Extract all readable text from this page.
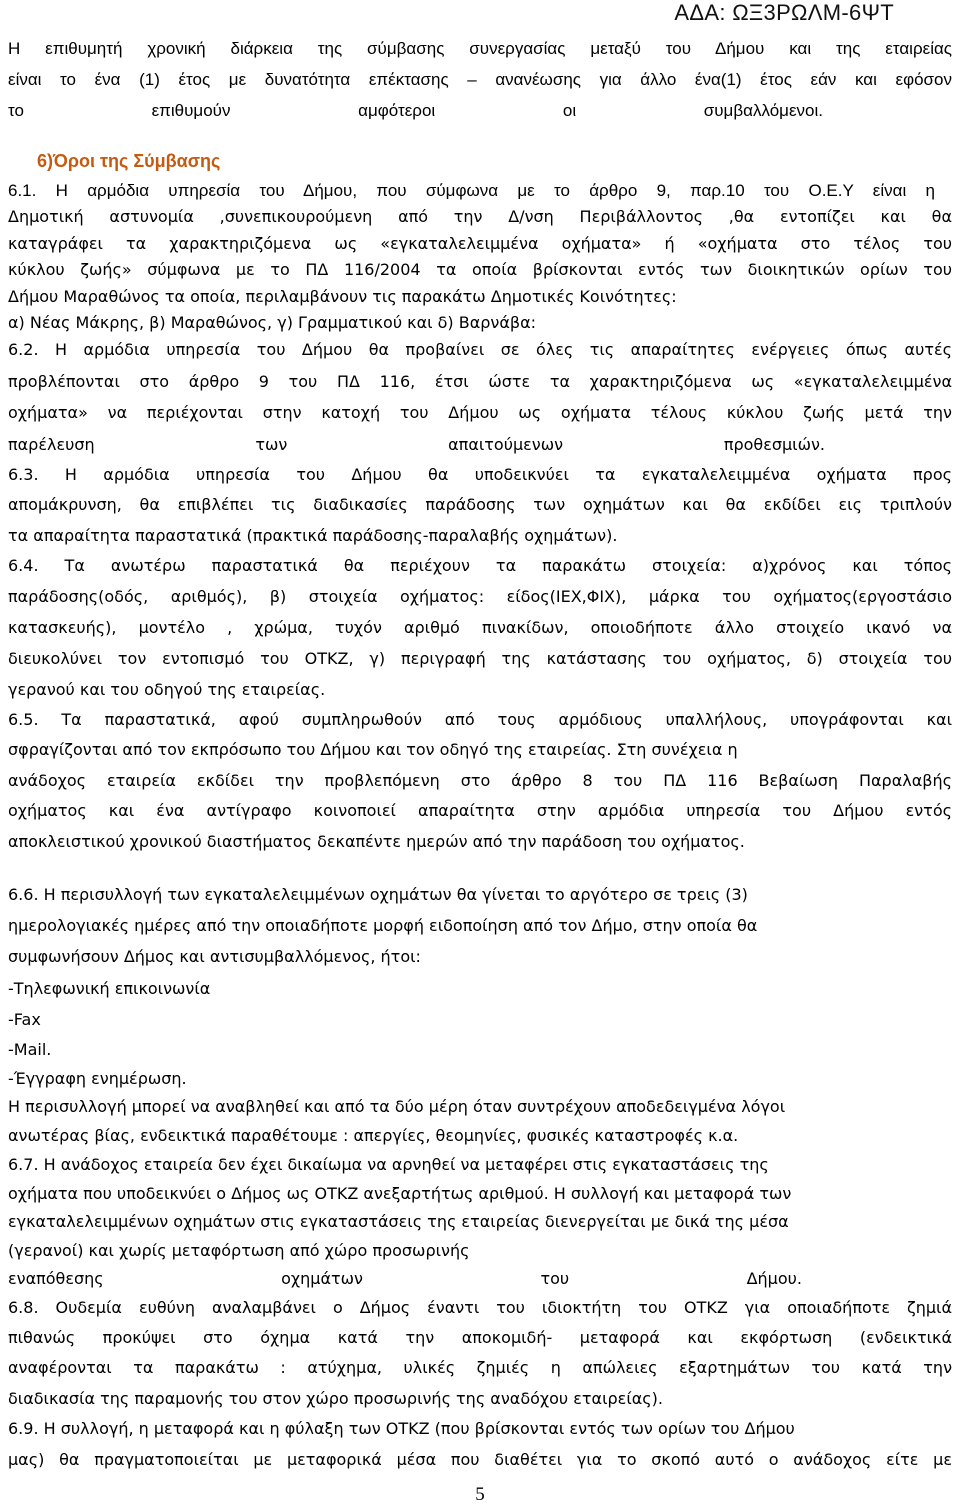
ΑΔΑ: ΩΞ3ΡΩΛΜ-6ΨΤ
Η επιθυμητή χρονική διάρκεια της σύμβασης συνεργασίας μεταξύ του Δήμου και της εταιρείας
είναι το ένα (1) έτος με δυνατότητα επέκτασης – ανανέωσης για άλλο ένα(1) έτος εάν και εφόσον
το επιθυμούν αμφότεροι οι συμβαλλόμενοι.
6)Όροι της Σύμβασης
6.1. Η αρμόδια υπηρεσία του Δήμου, που σύμφωνα με το άρθρο 9, παρ.10 του Ο.Ε.Υ είναι η
Δημοτική αστυνομία ,συνεπικουρούμενη από την Δ/νση Περιβάλλοντος ,θα εντοπίζει και θα
καταγράφει τα χαρακτηριζόμενα ως «εγκαταλελειμμένα οχήματα» ή «οχήματα στο τέλος του
κύκλου ζωής» σύμφωνα με το ΠΔ 116/2004 τα οποία βρίσκονται εντός των διοικητικών ορίων του
Δήμου Μαραθώνος τα οποία, περιλαμβάνουν τις παρακάτω Δημοτικές Κοινότητες:
α) Νέας Μάκρης, β) Μαραθώνος, γ) Γραμματικού και δ) Βαρνάβα:
6.2. Η αρμόδια υπηρεσία του Δήμου θα προβαίνει σε όλες τις απαραίτητες ενέργειες όπως αυτές
προβλέπονται στο άρθρο 9 του ΠΔ 116, έτσι ώστε τα χαρακτηριζόμενα ως «εγκαταλελειμμένα
οχήματα» να περιέχονται στην κατοχή του Δήμου ως οχήματα τέλους κύκλου ζωής μετά την
παρέλευση των απαιτούμενων προθεσμιών.
6.3. Η αρμόδια υπηρεσία του Δήμου θα υποδεικνύει τα εγκαταλελειμμένα οχήματα προς
απομάκρυνση, θα επιβλέπει τις διαδικασίες παράδοσης των οχημάτων και θα εκδίδει εις τριπλούν
τα απαραίτητα παραστατικά (πρακτικά παράδοσης-παραλαβής οχημάτων).
6.4. Τα ανωτέρω παραστατικά θα περιέχουν τα παρακάτω στοιχεία: α)χρόνος και τόπος
παράδοσης(οδός, αριθμός), β) στοιχεία οχήματος: είδος(ΙΕΧ,ΦΙΧ), μάρκα του οχήματος(εργοστάσιο
κατασκευής), μοντέλο , χρώμα, τυχόν αριθμό πινακίδων, οποιοδήποτε άλλο στοιχείο ικανό να
διευκολύνει τον εντοπισμό του ΟΤΚΖ, γ) περιγραφή της κατάστασης του οχήματος, δ) στοιχεία του
γερανού και του οδηγού της εταιρείας.
6.5. Τα παραστατικά, αφού συμπληρωθούν από τους αρμόδιους υπαλλήλους, υπογράφονται και
σφραγίζονται από τον εκπρόσωπο του Δήμου και τον οδηγό της εταιρείας. Στη συνέχεια η
ανάδοχος εταιρεία εκδίδει την προβλεπόμενη στο άρθρο 8 του ΠΔ 116 Βεβαίωση Παραλαβής
οχήματος και ένα αντίγραφο κοινοποιεί απαραίτητα στην αρμόδια υπηρεσία του Δήμου εντός
αποκλειστικού χρονικού διαστήματος δεκαπέντε ημερών από την παράδοση του οχήματος.
6.6. Η περισυλλογή των εγκαταλελειμμένων οχημάτων θα γίνεται το αργότερο σε τρεις (3)
ημερολογιακές ημέρες από την οποιαδήποτε μορφή ειδοποίηση από τον Δήμο, στην οποία θα
συμφωνήσουν Δήμος και αντισυμβαλλόμενος, ήτοι:
-Τηλεφωνική επικοινωνία
-Fax
-Mail.
-Έγγραφη ενημέρωση.
Η περισυλλογή μπορεί να αναβληθεί και από τα δύο μέρη όταν συντρέχουν αποδεδειγμένα λόγοι
ανωτέρας βίας, ενδεικτικά παραθέτουμε : απεργίες, θεομηνίες, φυσικές καταστροφές κ.α.
6.7. Η ανάδοχος εταιρεία δεν έχει δικαίωμα να αρνηθεί να μεταφέρει στις εγκαταστάσεις της
οχήματα που υποδεικνύει ο Δήμος ως ΟΤΚΖ ανεξαρτήτως αριθμού. Η συλλογή και μεταφορά των
εγκαταλελειμμένων οχημάτων στις εγκαταστάσεις της εταιρείας διενεργείται με δικά της μέσα
(γερανοί) και χωρίς μεταφόρτωση από χώρο προσωρινής
εναπόθεσης οχημάτων του Δήμου.
6.8. Ουδεμία ευθύνη αναλαμβάνει ο Δήμος έναντι του ιδιοκτήτη του ΟΤΚΖ για οποιαδήποτε ζημιά
πιθανώς προκύψει στο όχημα κατά την αποκομιδή- μεταφορά και εκφόρτωση (ενδεικτικά
αναφέρονται τα παρακάτω : ατύχημα, υλικές ζημιές η απώλειες εξαρτημάτων του κατά την
διαδικασία της παραμονής του στον χώρο προσωρινής της αναδόχου εταιρείας).
6.9. Η συλλογή, η μεταφορά και η φύλαξη των ΟΤΚΖ (που βρίσκονται εντός των ορίων του Δήμου
μας) θα πραγματοποιείται με μεταφορικά μέσα που διαθέτει για το σκοπό αυτό ο ανάδοχος είτε με
5
